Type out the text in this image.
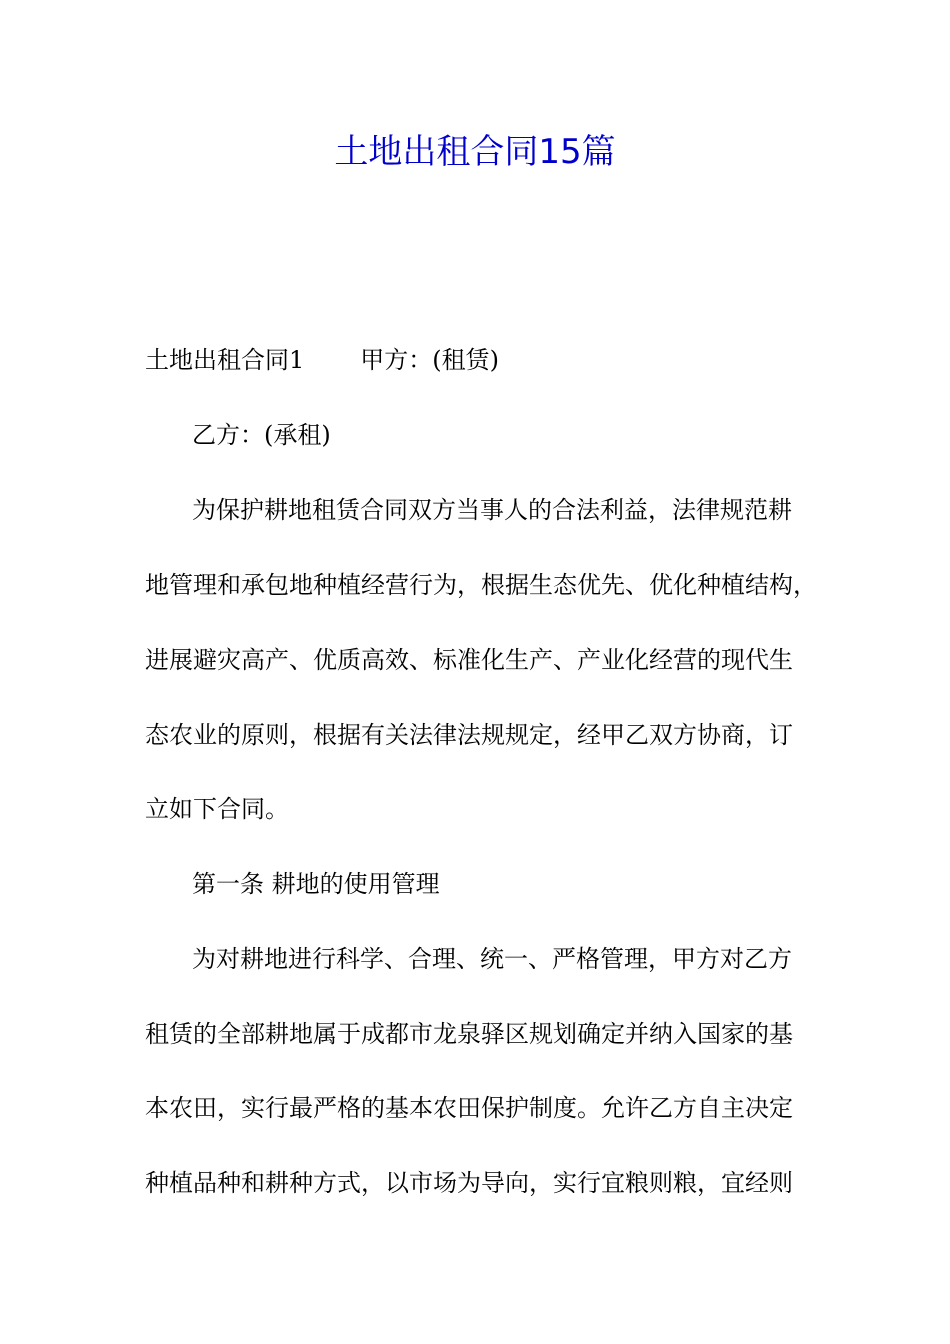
土地出租合同15篇
土地出租合同1 甲方：(租赁)
乙方：(承租)
为保护耕地租赁合同双方当事人的合法利益，法律规范耕
地管理和承包地种植经营行为，根据生态优先、优化种植结构，
进展避灾高产、优质高效、标准化生产、产业化经营的现代生
态农业的原则，根据有关法律法规规定，经甲乙双方协商，订
立如下合同。
第一条 耕地的使用管理
为对耕地进行科学、合理、统一、严格管理，甲方对乙方
租赁的全部耕地属于成都市龙泉驿区规划确定并纳入国家的基
本农田，实行最严格的基本农田保护制度。允许乙方自主决定
种植品种和耕种方式，以市场为导向，实行宜粮则粮，宜经则
